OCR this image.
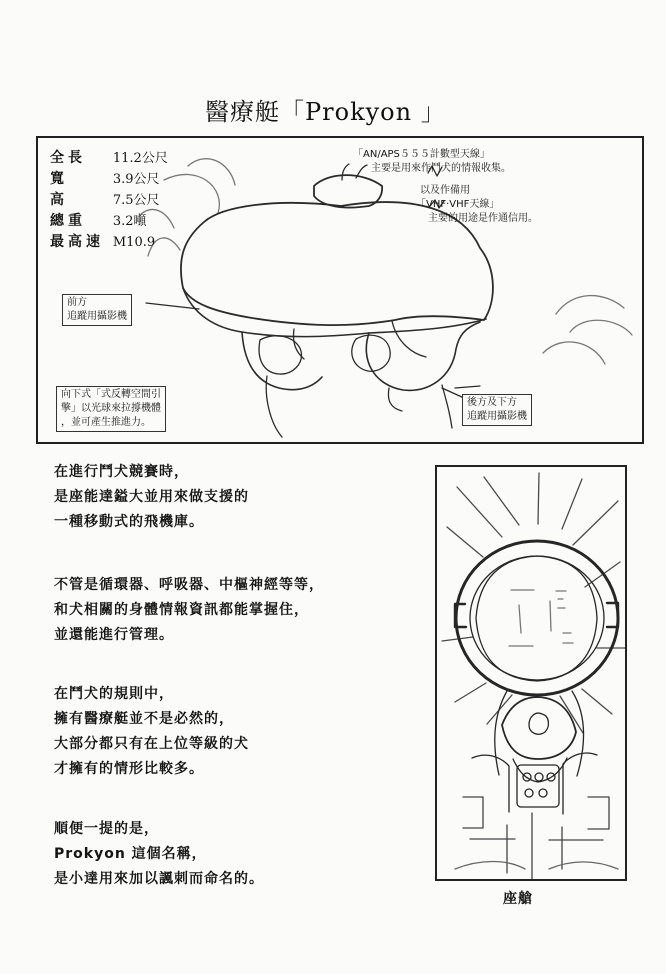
醫療艇「Prokyon 」
全長 11.2公尺
寬	3.9公尺
高	7.5公尺
總重 3.2噸
最高速 M10.9
「AN/APS５５５計數型天線」
主要是用來作鬥犬的情報收集。
以及作備用
「VHF·VHF天線」
主要的用途是作通信用。
前方
追蹤用攝影機
向下式「式反轉空間引
擎」以光球來拉撐機體
，並可產生推進力。
後方及下方
追蹤用攝影機
在進行鬥犬競賽時，
是座能達鎰大並用來做支援的
一種移動式的飛機庫。
不管是循環器、呼吸器、中樞神經等等，
和犬相關的身體情報資訊都能掌握住，
並還能進行管理。
在鬥犬的規則中，
擁有醫療艇並不是必然的，
大部分都只有在上位等級的犬
才擁有的情形比較多。
順便一提的是，
Prokyon 這個名稱，
是小達用來加以諷刺而命名的。
座艙
